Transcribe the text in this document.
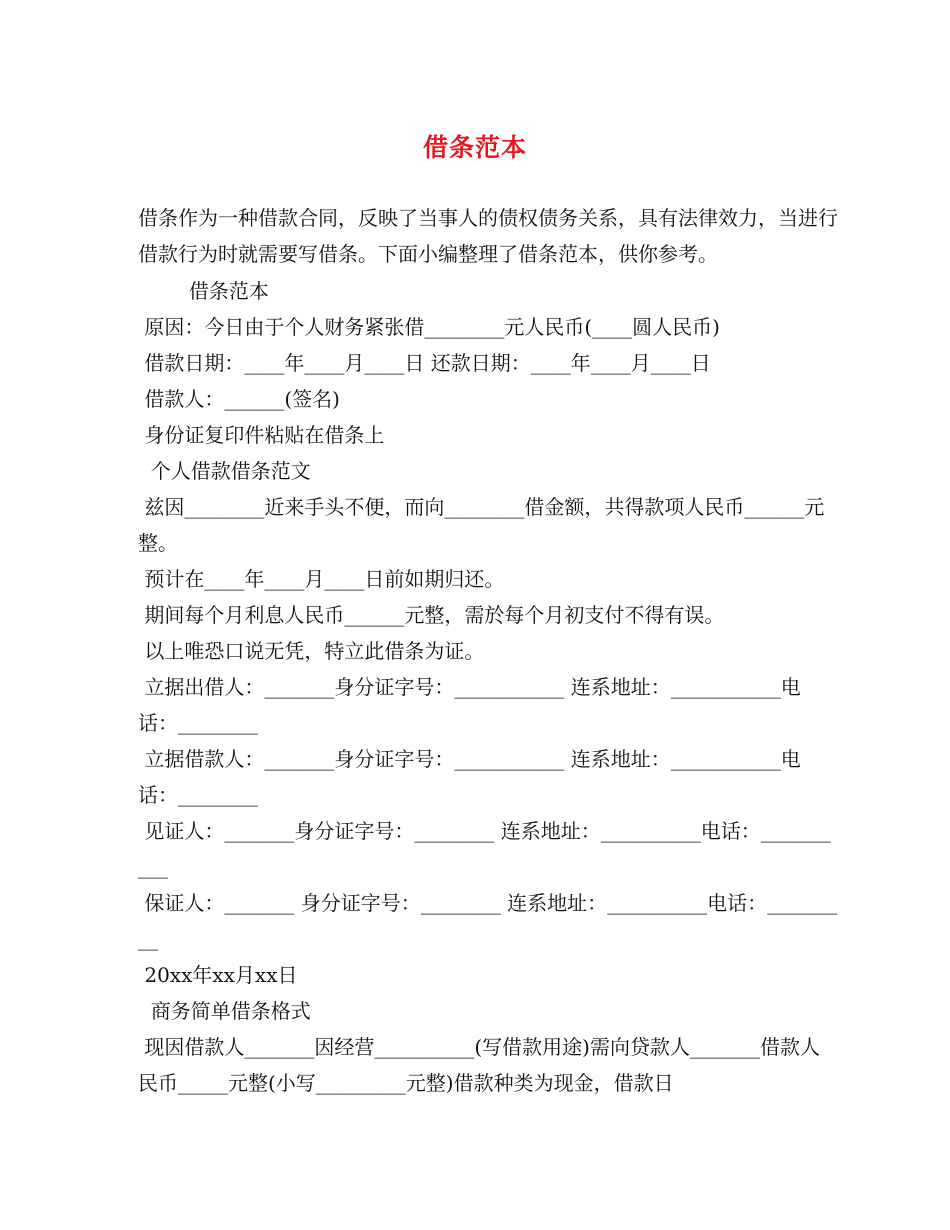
借条范本

借条作为一种借款合同，反映了当事人的债权债务关系，具有法律效力，当进行借款行为时就需要写借条。下面小编整理了借条范本，供你参考。

借条范本

原因：今日由于个人财务紧张借________元人民币(____圆人民币)

借款日期：____年____月____日 还款日期：____年____月____日

借款人：______(签名)

身份证复印件粘贴在借条上

个人借款借条范文

兹因________近来手头不便，而向________借金额，共得款项人民币______元整。

预计在____年____月____日前如期归还。

期间每个月利息人民币______元整，需於每个月初支付不得有误。

以上唯恐口说无凭，特立此借条为证。

立据出借人：_______身分证字号：___________ 连系地址：___________电话：________

立据借款人：_______身分证字号：___________ 连系地址：___________电话：________

见证人：_______身分证字号：________ 连系地址：__________电话：__________

保证人：_______ 身分证字号：________ 连系地址：__________电话：_________

20xx年xx月xx日

商务简单借条格式

现因借款人_______因经营__________(写借款用途)需向贷款人_______借款人民币_____元整(小写_________元整)借款种类为现金，借款日
